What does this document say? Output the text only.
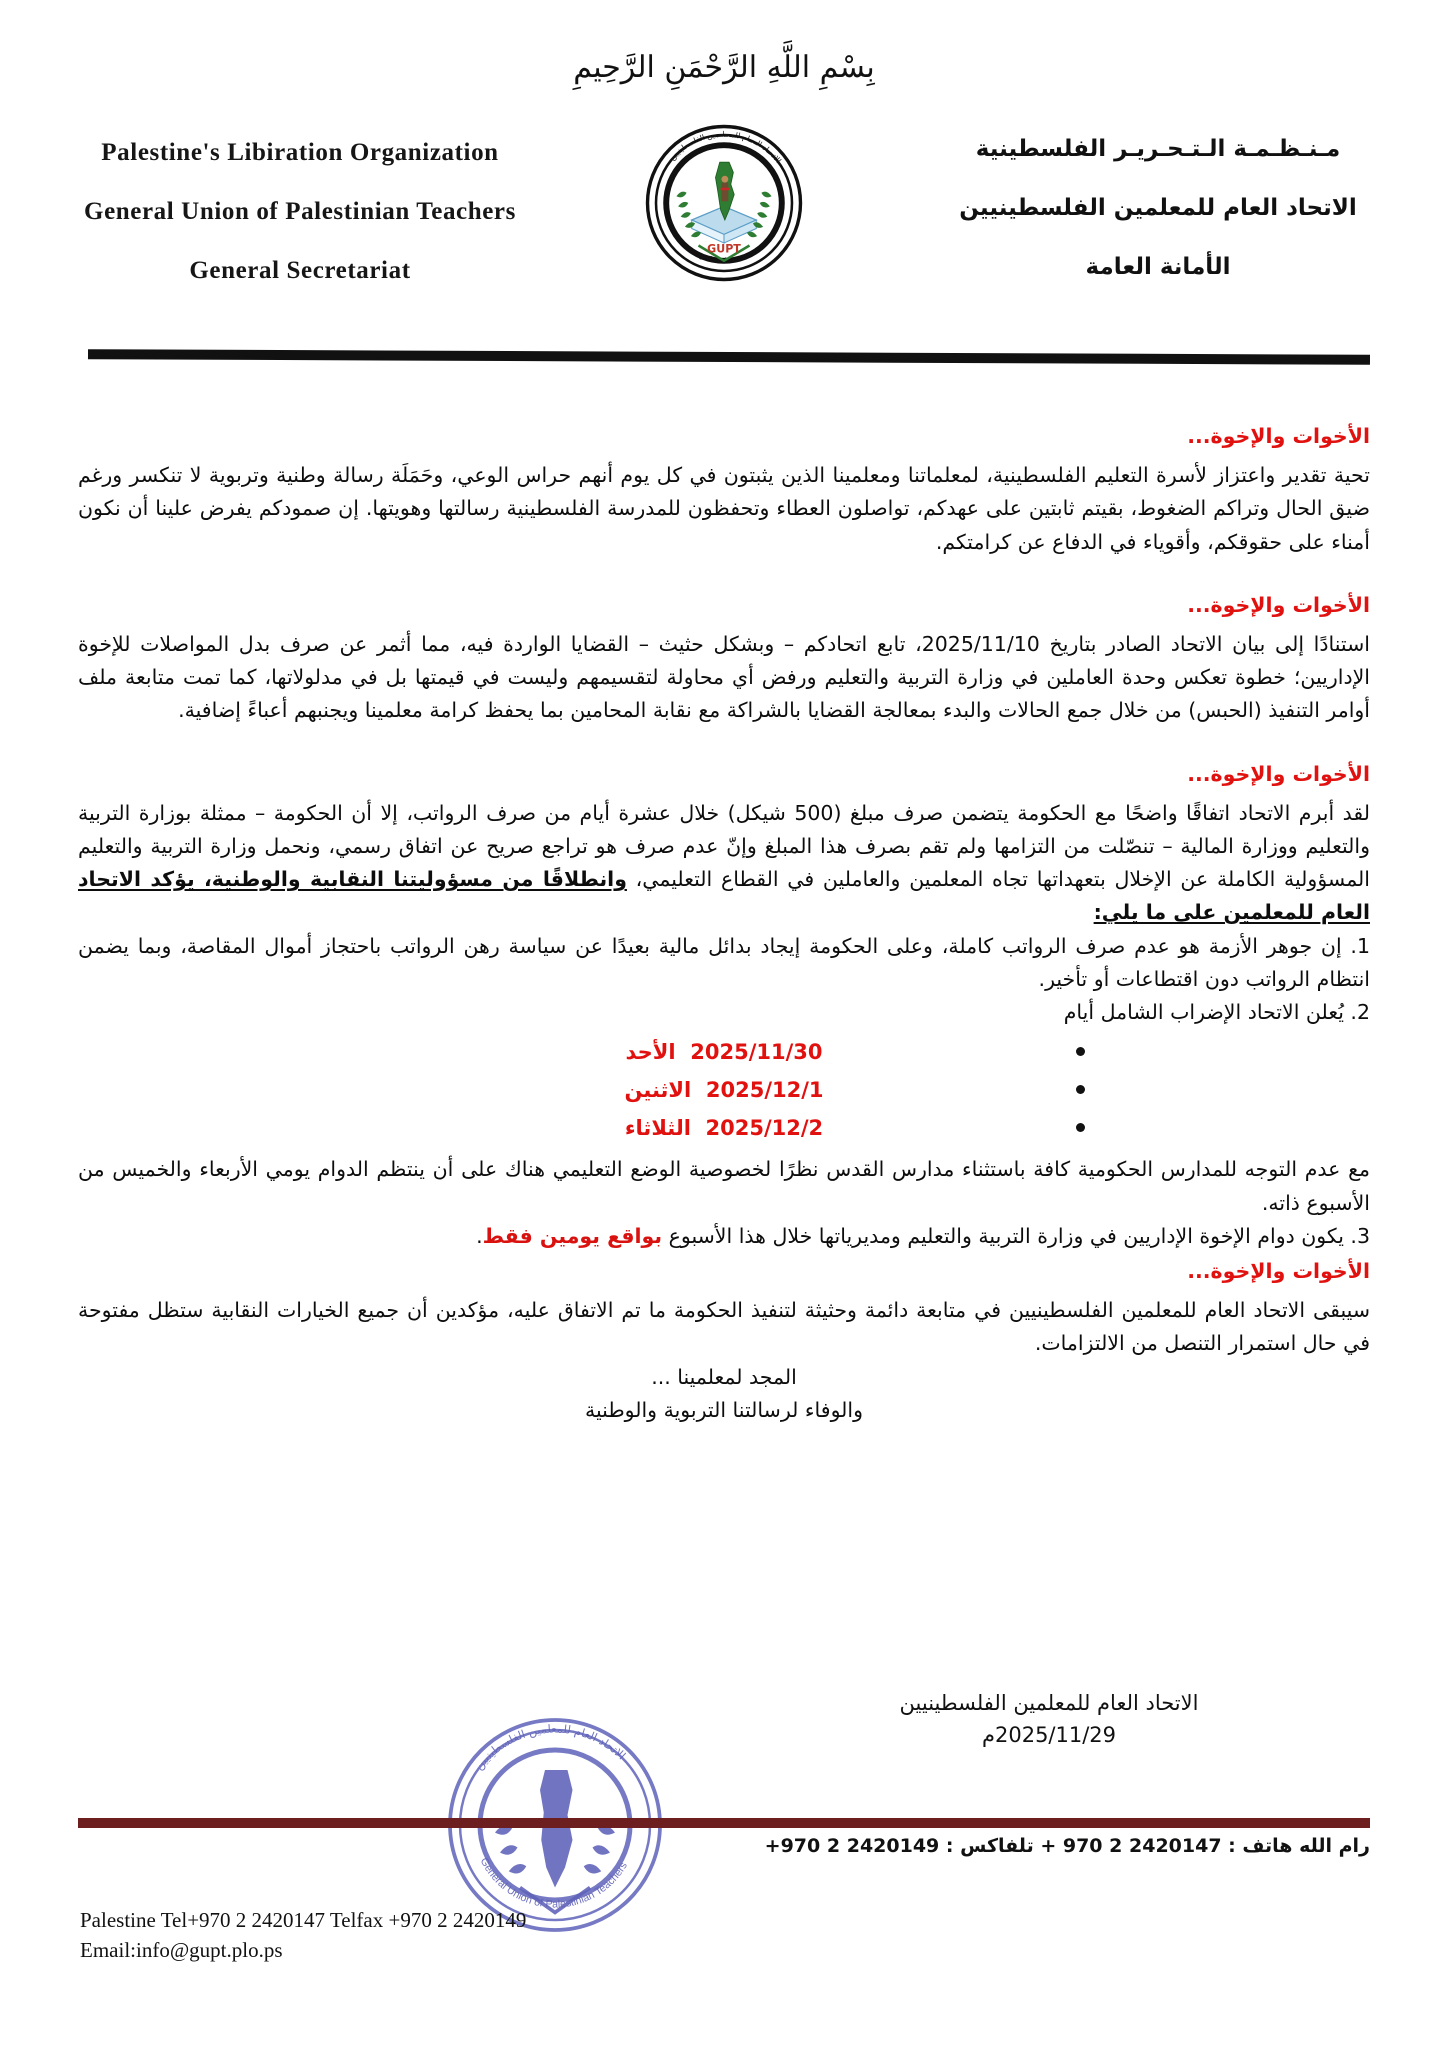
بِسْمِ اللَّهِ الرَّحْمَنِ الرَّحِيمِ
Palestine's Libiration Organization
General Union of Palestinian Teachers
General Secretariat
مـنـظـمـة الـتـحـريـر الفلسطينية
الاتحاد العام للمعلمين الفلسطينيين
الأمانة العامة
الاتحـاد الـعـام للمعـلـمين الفلسطينيين
فـلـسـطـيـن
GUPT

الأخوات والإخوة...

تحية تقدير واعتزاز لأسرة التعليم الفلسطينية، لمعلماتنا ومعلمينا الذين يثبتون في كل يوم أنهم حراس الوعي، وحَمَلَة رسالة وطنية وتربوية لا تنكسر ورغم ضيق الحال وتراكم الضغوط، بقيتم ثابتين على عهدكم، تواصلون العطاء وتحفظون للمدرسة الفلسطينية رسالتها وهويتها. إن صمودكم يفرض علينا أن نكون أمناء على حقوقكم، وأقوياء في الدفاع عن كرامتكم.

الأخوات والإخوة...

استنادًا إلى بيان الاتحاد الصادر بتاريخ 2025/11/10، تابع اتحادكم – وبشكل حثيث – القضايا الواردة فيه، مما أثمر عن صرف بدل المواصلات للإخوة الإداريين؛ خطوة تعكس وحدة العاملين في وزارة التربية والتعليم ورفض أي محاولة لتقسيمهم وليست في قيمتها بل في مدلولاتها، كما تمت متابعة ملف أوامر التنفيذ (الحبس) من خلال جمع الحالات والبدء بمعالجة القضايا بالشراكة مع نقابة المحامين بما يحفظ كرامة معلمينا ويجنبهم أعباءً إضافية.

الأخوات والإخوة...

لقد أبرم الاتحاد اتفاقًا واضحًا مع الحكومة يتضمن صرف مبلغ (500 شيكل) خلال عشرة أيام من صرف الرواتب، إلا أن الحكومة – ممثلة بوزارة التربية والتعليم ووزارة المالية – تنصّلت من التزامها ولم تقم بصرف هذا المبلغ وإنّ عدم صرف هو تراجع صريح عن اتفاق رسمي، ونحمل وزارة التربية والتعليم المسؤولية الكاملة عن الإخلال بتعهداتها تجاه المعلمين والعاملين في القطاع التعليمي، وانطلاقًا من مسؤوليتنا النقابية والوطنية، يؤكد الاتحاد العام للمعلمين على ما يلي:

1. إن جوهر الأزمة هو عدم صرف الرواتب كاملة، وعلى الحكومة إيجاد بدائل مالية بعيدًا عن سياسة رهن الرواتب باحتجاز أموال المقاصة، وبما يضمن انتظام الرواتب دون اقتطاعات أو تأخير.

2. يُعلن الاتحاد الإضراب الشامل أيام

2025/11/30  الأحد
2025/12/1  الاثنين
2025/12/2  الثلاثاء

مع عدم التوجه للمدارس الحكومية كافة باستثناء مدارس القدس نظرًا لخصوصية الوضع التعليمي هناك على أن ينتظم الدوام يومي الأربعاء والخميس من الأسبوع ذاته.

3. يكون دوام الإخوة الإداريين في وزارة التربية والتعليم ومديرياتها خلال هذا الأسبوع بواقع يومين فقط.

الأخوات والإخوة...

سيبقى الاتحاد العام للمعلمين الفلسطينيين في متابعة دائمة وحثيثة لتنفيذ الحكومة ما تم الاتفاق عليه، مؤكدين أن جميع الخيارات النقابية ستظل مفتوحة في حال استمرار التنصل من الالتزامات.

المجد لمعلمينا ...

والوفاء لرسالتنا التربوية والوطنية

الاتحاد العام للمعلمين الفلسطينيين
2025/11/29م
الاتحاد العام للمعلمين الفلسطينيين
General Union of Palestinian Teachers
رام الله هاتف : 2420147 2 970 + تلفاكس : 2420149 2 970+
Palestine Tel+970 2 2420147 Telfax +970 2 2420149
Email:info@gupt.plo.ps
